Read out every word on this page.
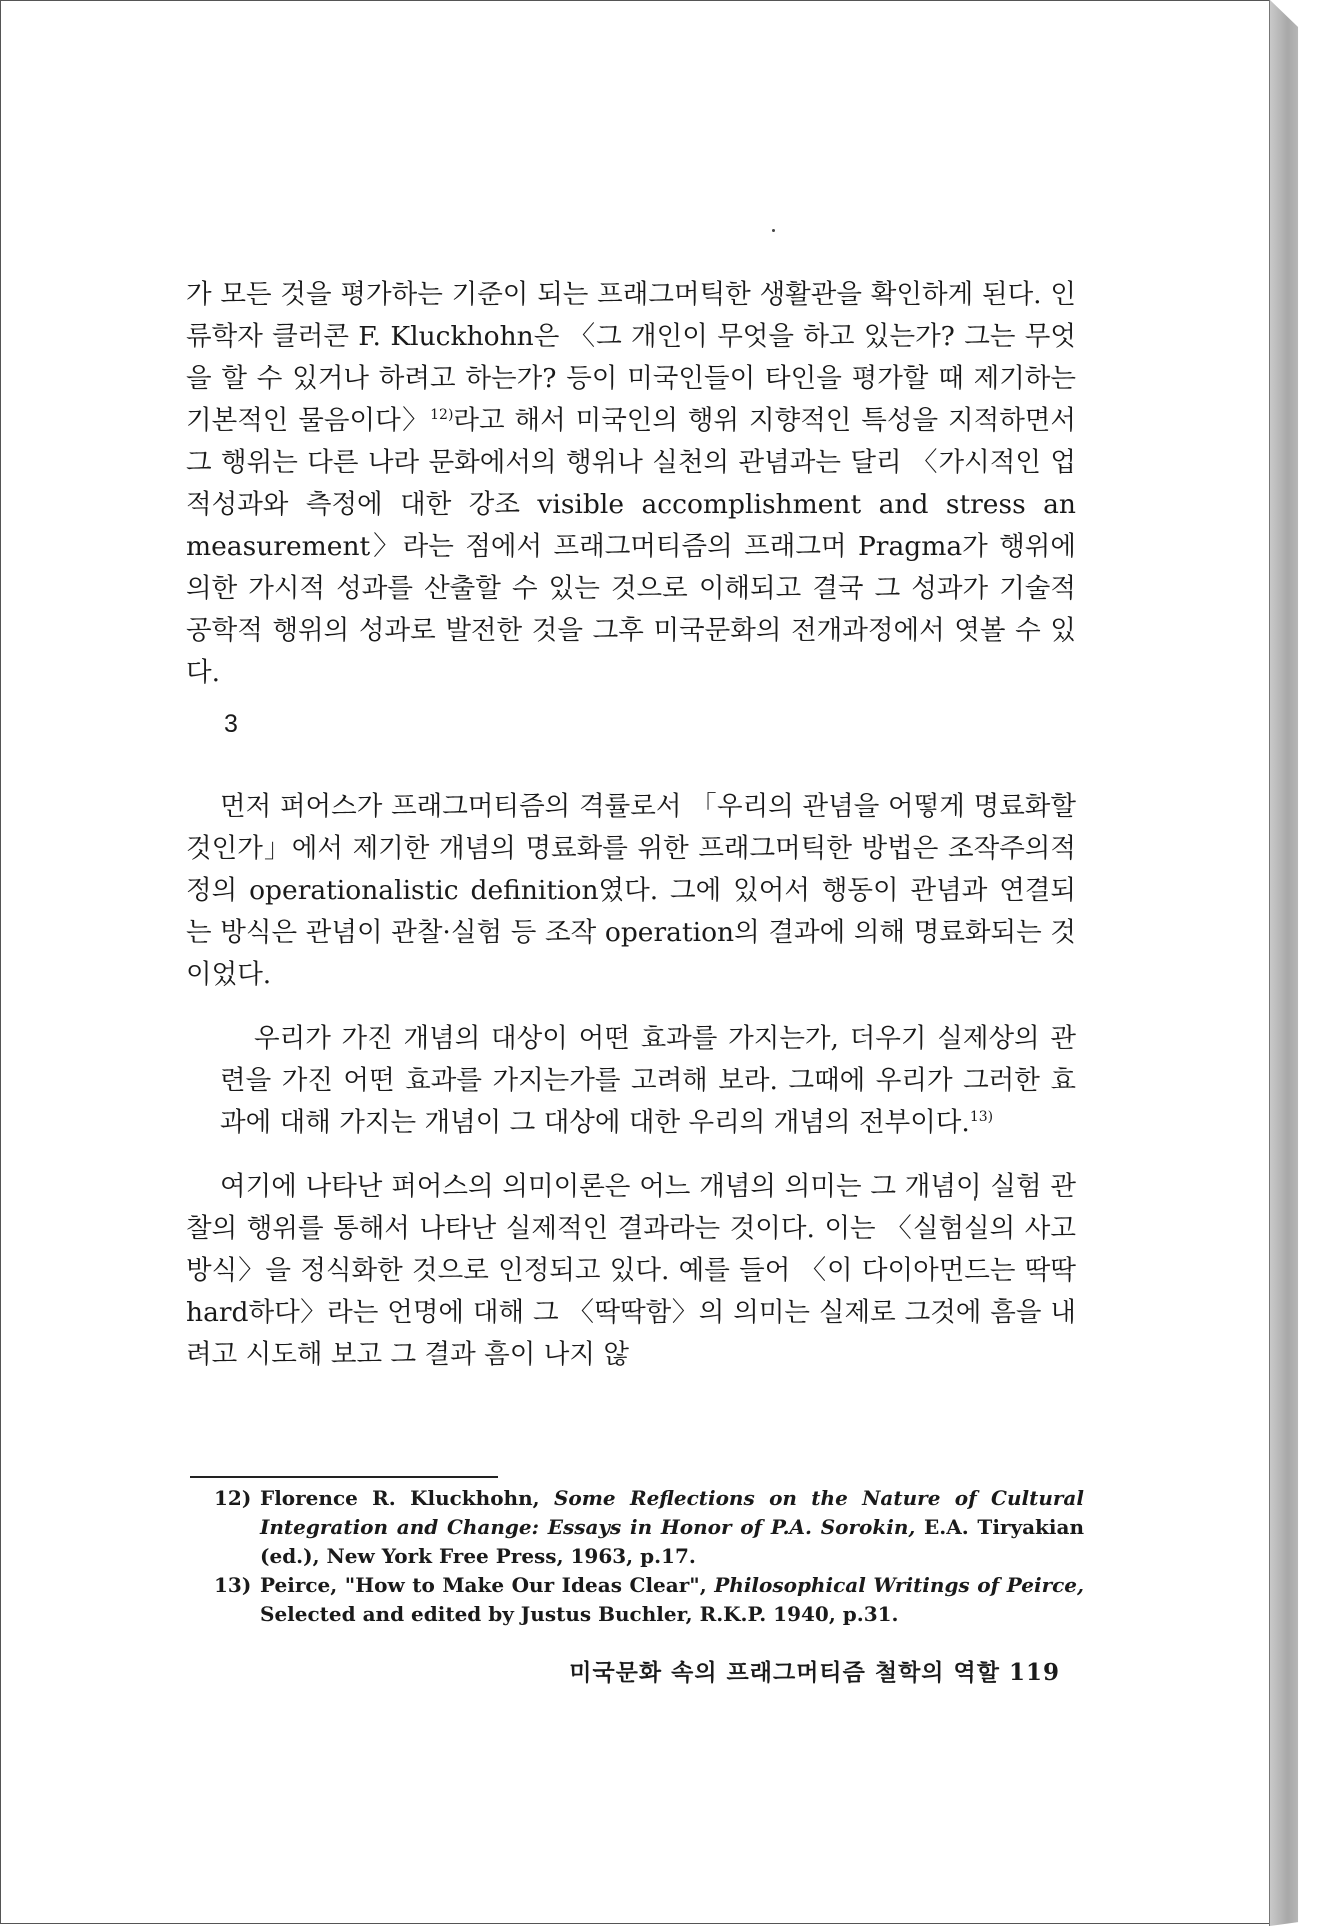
가 모든 것을 평가하는 기준이 되는 프래그머틱한 생활관을 확인하게 된다. 인류학자 클러콘 F. Kluckhohn은 〈그 개인이 무엇을 하고 있는가? 그는 무엇을 할 수 있거나 하려고 하는가? 등이 미국인들이 타인을 평가할 때 제기하는 기본적인 물음이다〉$^{12)}$라고 해서 미국인의 행위 지향적인 특성을 지적하면서 그 행위는 다른 나라 문화에서의 행위나 실천의 관념과는 달리 〈가시적인 업적성과와 측정에 대한 강조 visible accomplishment and stress an measurement〉라는 점에서 프래그머티즘의 프래그머 Pragma가 행위에 의한 가시적 성과를 산출할 수 있는 것으로 이해되고 결국 그 성과가 기술적 공학적 행위의 성과로 발전한 것을 그후 미국문화의 전개과정에서 엿볼 수 있다.

3

먼저 퍼어스가 프래그머티즘의 격률로서 「우리의 관념을 어떻게 명료화할 것인가」에서 제기한 개념의 명료화를 위한 프래그머틱한 방법은 조작주의적 정의 operationalistic definition였다. 그에 있어서 행동이 관념과 연결되는 방식은 관념이 관찰·실험 등 조작 operation의 결과에 의해 명료화되는 것이었다.

우리가 가진 개념의 대상이 어떤 효과를 가지는가, 더우기 실제상의 관련을 가진 어떤 효과를 가지는가를 고려해 보라. 그때에 우리가 그러한 효과에 대해 가지는 개념이 그 대상에 대한 우리의 개념의 전부이다.$^{13)}$

여기에 나타난 퍼어스의 의미이론은 어느 개념의 의미는 그 개념이 실험 관찰의 행위를 통해서 나타난 실제적인 결과라는 것이다. 이는 〈실험실의 사고방식〉을 정식화한 것으로 인정되고 있다. 예를 들어 〈이 다이아먼드는 딱딱 hard하다〉라는 언명에 대해 그 〈딱딱함〉의 의미는 실제로 그것에 흠을 내려고 시도해 보고 그 결과 흠이 나지 않

12) Florence R. Kluckhohn, Some Reflections on the Nature of Cultural Integration and Change: Essays in Honor of P.A. Sorokin, E.A. Tiryakian (ed.), New York Free Press, 1963, p.17.
13) Peirce, "How to Make Our Ideas Clear", Philosophical Writings of Peirce, Selected and edited by Justus Buchler, R.K.P. 1940, p.31.
미국문화 속의 프래그머티즘 철학의 역할 119
